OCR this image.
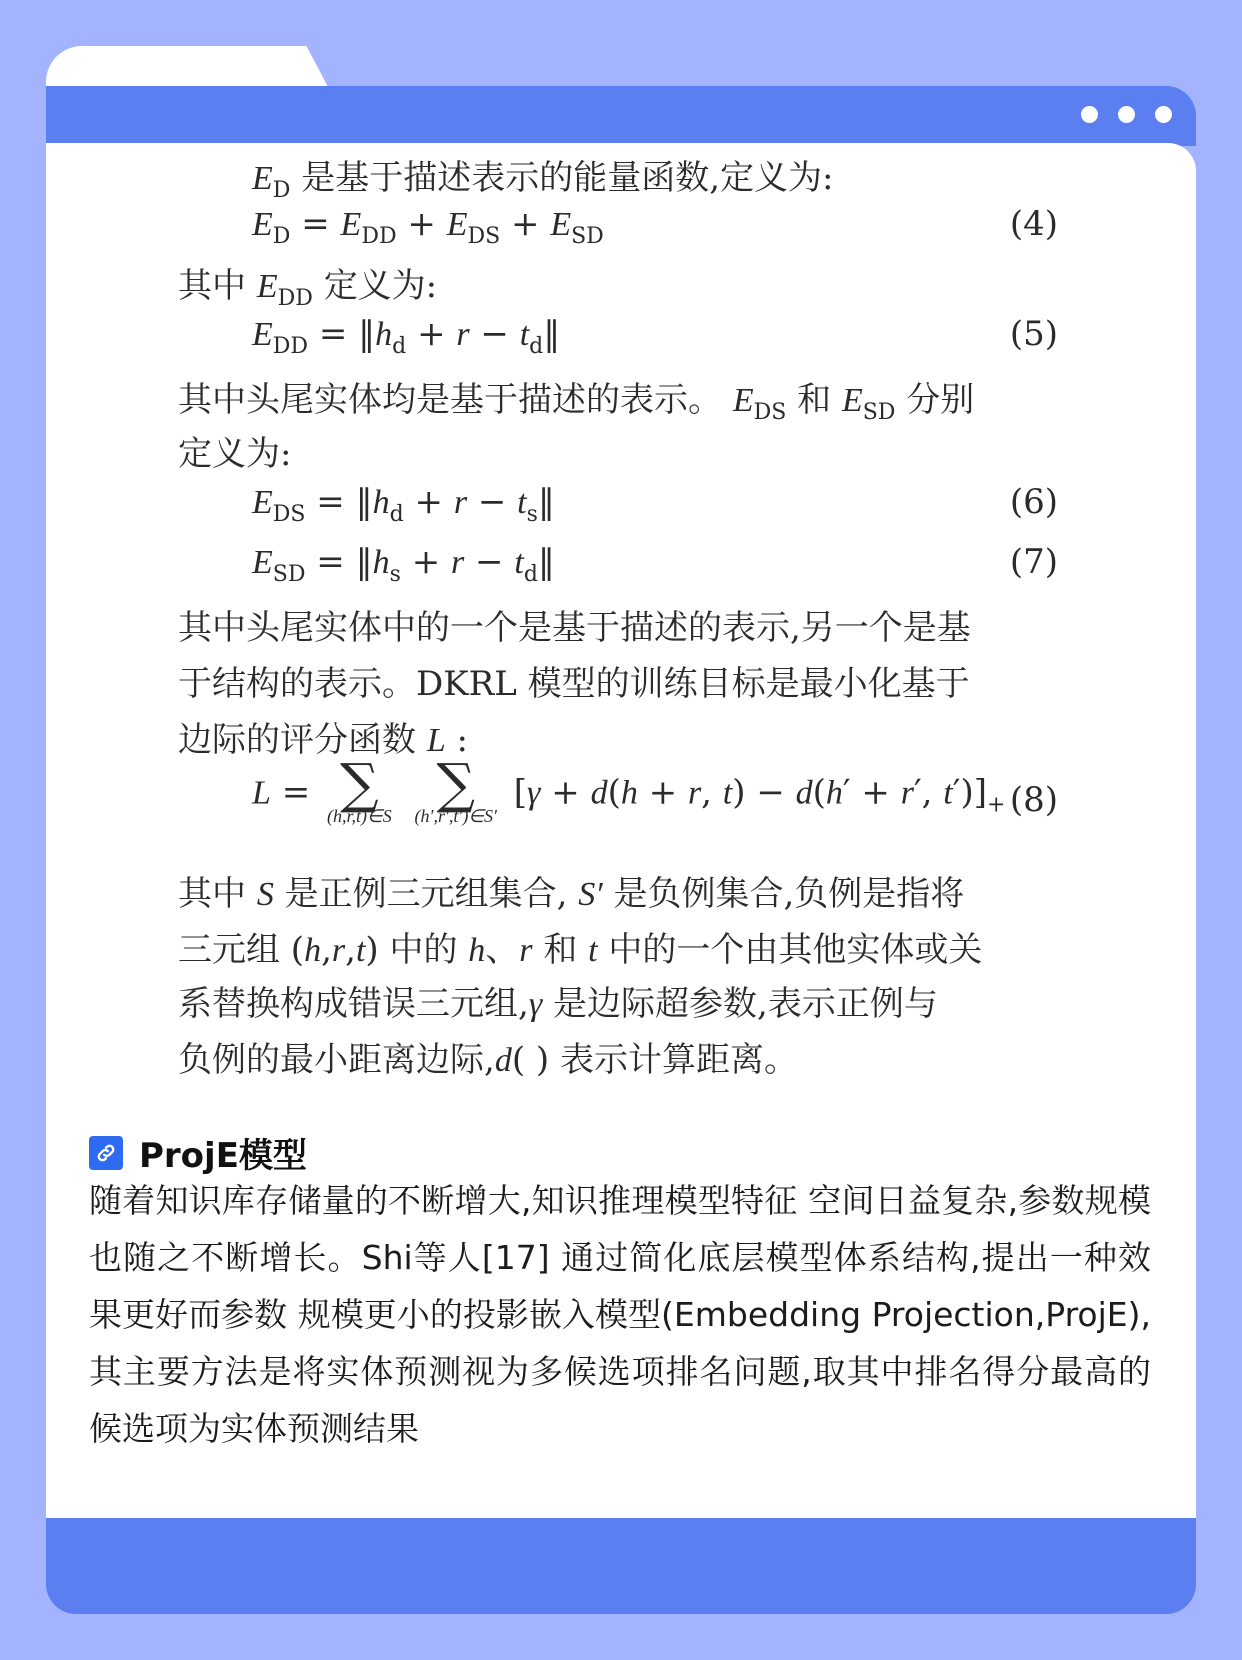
$E_D$ 是基于描述表示的能量函数,定义为:
$E_D = E_{DD} + E_{DS} + E_{SD}$	(4)
其中 $E_{DD}$ 定义为:
$E_{DD}$ = $‖h_d + r$ − $t_d‖$	(5)
其中头尾实体均是基于描述的表示。 $E_{DS}$ 和 $E_{SD}$ 分别
定义为:
$E_{DS}$ = $‖h_d + r$ − $t_s‖$	(6)
$E_{SD}$ = $‖h_s + r$ − $t_d‖$	(7)
其中头尾实体中的一个是基于描述的表示,另一个是基
于结构的表示。DKRL 模型的训练目标是最小化基于
边际的评分函数 L :
L = ∑
(h,r,t)∈S

∑
(h′,r′,t′)∈S′
[γ + d(h + r, t) − d(h′ + r′, $t')]_+$ (8)
其中 S 是正例三元组集合, S′ 是负例集合,负例是指将
三元组 (h,r,t) 中的 h、r 和 t 中的一个由其他实体或关
系替换构成错误三元组,γ 是边际超参数,表示正例与
负例的最小距离边际,d( ) 表示计算距离。
ProjE模型
随着知识库存储量的不断增大,知识推理模型特征 空间日益复杂,参数规模也随之不断增长。Shi等人[17] 通过简化底层模型体系结构,提出一种效果更好而参数 规模更小的投影嵌入模型(Embedding Projection,ProjE), 其主要方法是将实体预测视为多候选项排名问题,取其中排名得分最高的候选项为实体预测结果
